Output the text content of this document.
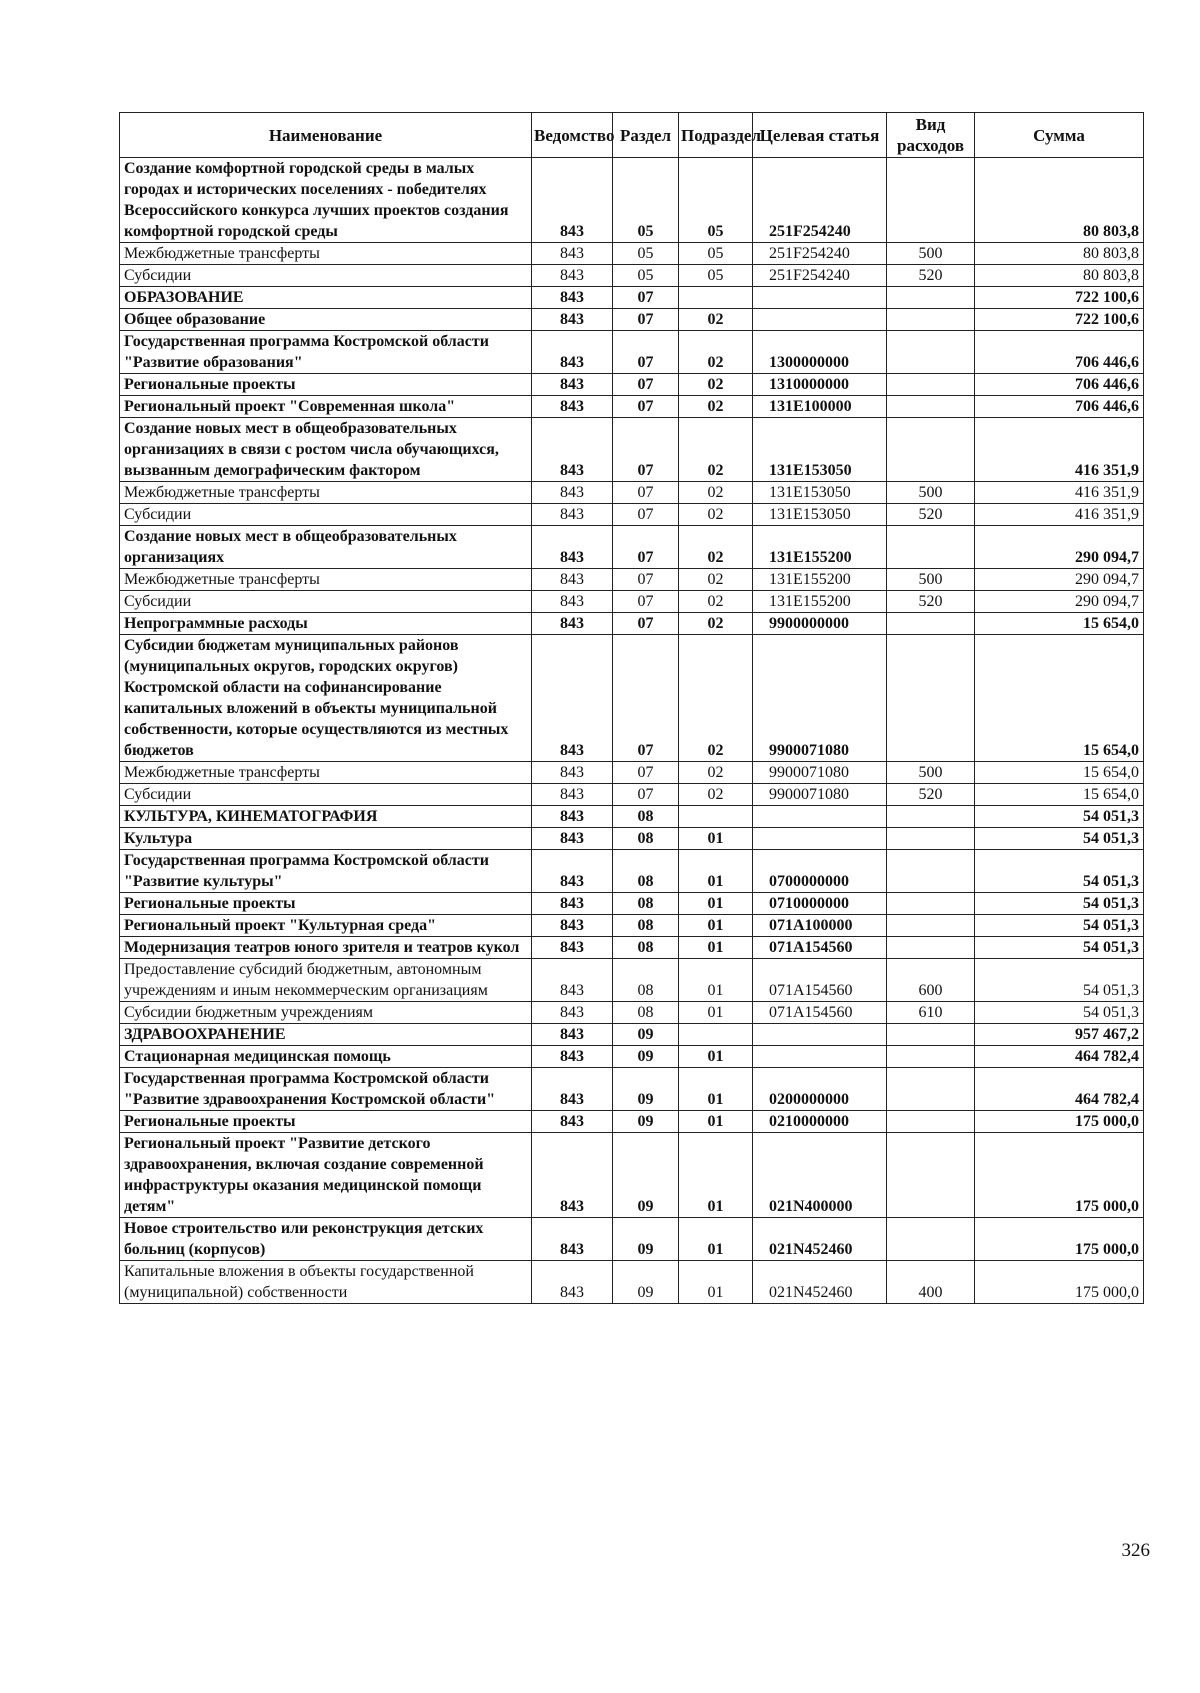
Наименование	Ведомство	Раздел	Подраздел	Целевая статья	Вид расходов	Сумма
Создание комфортной городской среды в малых городах и исторических поселениях - победителях Всероссийского конкурса лучших проектов создания комфортной городской среды	843	05	05	251F254240		80 803,8
Межбюджетные трансферты	843	05	05	251F254240	500	80 803,8
Субсидии	843	05	05	251F254240	520	80 803,8
ОБРАЗОВАНИЕ	843	07				722 100,6
Общее образование	843	07	02			722 100,6
Государственная программа Костромской области "Развитие образования"	843	07	02	1300000000		706 446,6
Региональные проекты	843	07	02	1310000000		706 446,6
Региональный проект "Современная школа"	843	07	02	131E100000		706 446,6
Создание новых мест в общеобразовательных организациях в связи с ростом числа обучающихся, вызванным демографическим фактором	843	07	02	131E153050		416 351,9
Межбюджетные трансферты	843	07	02	131E153050	500	416 351,9
Субсидии	843	07	02	131E153050	520	416 351,9
Создание новых мест в общеобразовательных организациях	843	07	02	131E155200		290 094,7
Межбюджетные трансферты	843	07	02	131E155200	500	290 094,7
Субсидии	843	07	02	131E155200	520	290 094,7
Непрограммные расходы	843	07	02	9900000000		15 654,0
Субсидии бюджетам муниципальных районов (муниципальных округов, городских округов) Костромской области на софинансирование капитальных вложений в объекты муниципальной собственности, которые осуществляются из местных бюджетов	843	07	02	9900071080		15 654,0
Межбюджетные трансферты	843	07	02	9900071080	500	15 654,0
Субсидии	843	07	02	9900071080	520	15 654,0
КУЛЬТУРА, КИНЕМАТОГРАФИЯ	843	08				54 051,3
Культура	843	08	01			54 051,3
Государственная программа Костромской области "Развитие культуры"	843	08	01	0700000000		54 051,3
Региональные проекты	843	08	01	0710000000		54 051,3
Региональный проект "Культурная среда"	843	08	01	071A100000		54 051,3
Модернизация театров юного зрителя и театров кукол	843	08	01	071A154560		54 051,3
Предоставление субсидий бюджетным, автономным учреждениям и иным некоммерческим организациям	843	08	01	071A154560	600	54 051,3
Субсидии бюджетным учреждениям	843	08	01	071A154560	610	54 051,3
ЗДРАВООХРАНЕНИЕ	843	09				957 467,2
Стационарная медицинская помощь	843	09	01			464 782,4
Государственная программа Костромской области "Развитие здравоохранения Костромской области"	843	09	01	0200000000		464 782,4
Региональные проекты	843	09	01	0210000000		175 000,0
Региональный проект "Развитие детского здравоохранения, включая создание современной инфраструктуры оказания медицинской помощи детям"	843	09	01	021N400000		175 000,0
Новое строительство или реконструкция детских больниц (корпусов)	843	09	01	021N452460		175 000,0
Капитальные вложения в объекты государственной (муниципальной) собственности	843	09	01	021N452460	400	175 000,0
326
